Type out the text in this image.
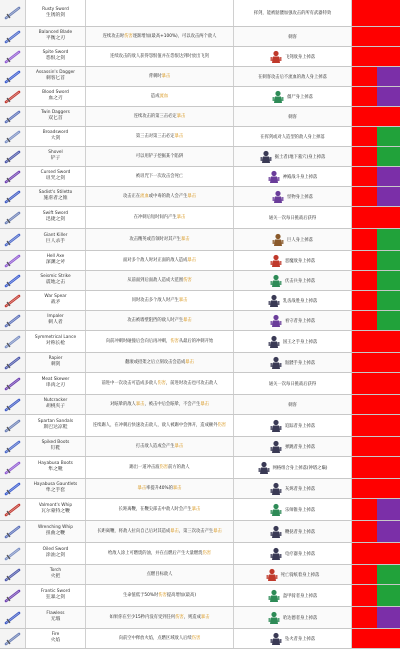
Rusty Sword
生锈的剑	挥剑，能被骷髅加强攻击的所有武器特效
Balanced Blade
平衡之刃	连续攻击时伤害逐渐增加(最高+100%)，可以攻击两个敌人	刺客
Spite Sword
怨恨之剑	连续攻击的敌人获得怨恨值并在怨恨达到时放出飞剑	飞剑敌身上掉落
Assassin's Dagger
刺客匕首	背刺时暴击	在刺客攻击后不流血的敌人身上掉落
Blood Sword
血之刃	造成流血	僵尸身上掉落
Twin Daggers
双匕首	连续攻击的第三击必定暴击	刺客
Broadsword
大剑	第三击对第三击必定暴击	在挥剑或对人造型的敌人身上掉落
Shovel
铲子	可以用铲子挖掘某个陷阱	掘土者(地下墓穴)身上掉落
Cursed Sword
诅咒之剑	被诅咒下一次攻击会死亡	神殿战斗身上掉落
Sadist's Stiletto
施虐者之锥	攻击正在流血或中毒的敌人会产生暴击	怪物身上掉落
Swift Sword
迅捷之剑	在冲刺后短时间内产生暴击	通关一次每日挑战后获得
Giant Killer
巨人杀手	攻击精英或首领时对其产生暴击	巨人身上掉落
Hell Axe
深渊之斧	面对多个敌人时对正面的敌人造成暴击	恶魔敌身上掉落
Seismic Strike
震地之击	从前面到后面敌人造成大范围伤害	伏击兵身上掉落
War Spear
战矛	同时攻击多个敌人时产生暴击	乳齿战胜身上掉落
Impaler
刺人者	攻击被墙壁阻挡的敌人时产生暴击	看守者身上掉落
Symmetrical Lance
对称长枪	向前冲刺时碰撞后会向后再冲刺，伤害从最后的冲刺开始	国王之手身上掉落
Rapier
刺剑	翻滚或招架之后立刻攻击会造成暴击	骷髅手身上掉落
Meat Skewer
串肉之刃	前进中一次攻击可造成多敌人伤害，前进时攻击也可攻击敌人	通关一次每日挑战后获得
Nutcracker
胡桃夹子	对眩晕的敌人暴击，被击中后会眩晕，不会产生暴击	刺客
Spartan Sandals
斯巴达凉鞋	连续踢人，在冲刺后快速攻击敌人，敌人被踢中会弹开，造成额外伤害	追踪者身上掉落
Spiked Boots
钉鞋	打击敌人造成会产生暴击	弹跳者身上掉落
Hayabusa Boots
隼之靴	踢出一道冲击波伤害前方的敌人	网格组合身上掉落(钟塔之巅)
Hayabusa Gauntlets
隼之手套	暴击率提升40%的暴击	灰烬者身上掉落
Valmont's Whip
瓦尔蒙特之鞭	长距离鞭，在鞭尖部击中敌人时会产生暴击	乐师锥身上掉落
Wrenching Whip
扭曲之鞭	长距离鞭，将敌人拉向自己后对其造成暴击，第三次攻击产生暴击	鞭挞者身上掉落
Oiled Sword
涂油之剑	给敌人涂上可燃烧的油，并在点燃后产生大量燃烧伤害	电疗器身上掉落
Torch
火把	点燃目标敌人	死亡骑纸着身上掉落
Frantic Sword
狂暴之剑	生命值低于50%时伤害提高增加(最高)	盔甲骑者身上掉落
Flawless
无瑕	如果你在至少15秒内没有受到任何伤害，则造成暴击	哈达德者身上掉落
Fire
火焰	向前空中释放火焰，点燃区域敌人后续伤害	坠火者身上掉落
